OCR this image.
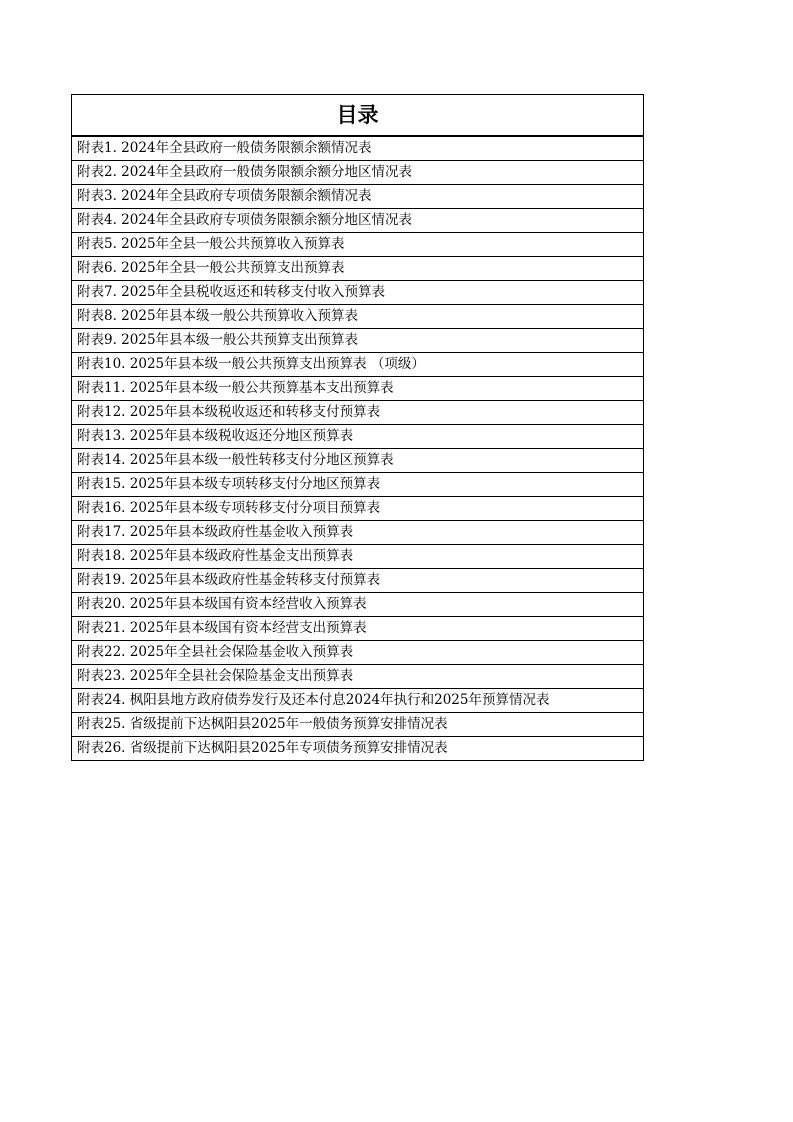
目录
附表1. 2024年全县政府一般债务限额余额情况表
附表2. 2024年全县政府一般债务限额余额分地区情况表
附表3. 2024年全县政府专项债务限额余额情况表
附表4. 2024年全县政府专项债务限额余额分地区情况表
附表5. 2025年全县一般公共预算收入预算表
附表6. 2025年全县一般公共预算支出预算表
附表7. 2025年全县税收返还和转移支付收入预算表
附表8. 2025年县本级一般公共预算收入预算表
附表9. 2025年县本级一般公共预算支出预算表
附表10. 2025年县本级一般公共预算支出预算表 （项级）
附表11. 2025年县本级一般公共预算基本支出预算表
附表12. 2025年县本级税收返还和转移支付预算表
附表13. 2025年县本级税收返还分地区预算表
附表14. 2025年县本级一般性转移支付分地区预算表
附表15. 2025年县本级专项转移支付分地区预算表
附表16. 2025年县本级专项转移支付分项目预算表
附表17. 2025年县本级政府性基金收入预算表
附表18. 2025年县本级政府性基金支出预算表
附表19. 2025年县本级政府性基金转移支付预算表
附表20. 2025年县本级国有资本经营收入预算表
附表21. 2025年县本级国有资本经营支出预算表
附表22. 2025年全县社会保险基金收入预算表
附表23. 2025年全县社会保险基金支出预算表
附表24. 枫阳县地方政府债券发行及还本付息2024年执行和2025年预算情况表
附表25. 省级提前下达枫阳县2025年一般债务预算安排情况表
附表26. 省级提前下达枫阳县2025年专项债务预算安排情况表
